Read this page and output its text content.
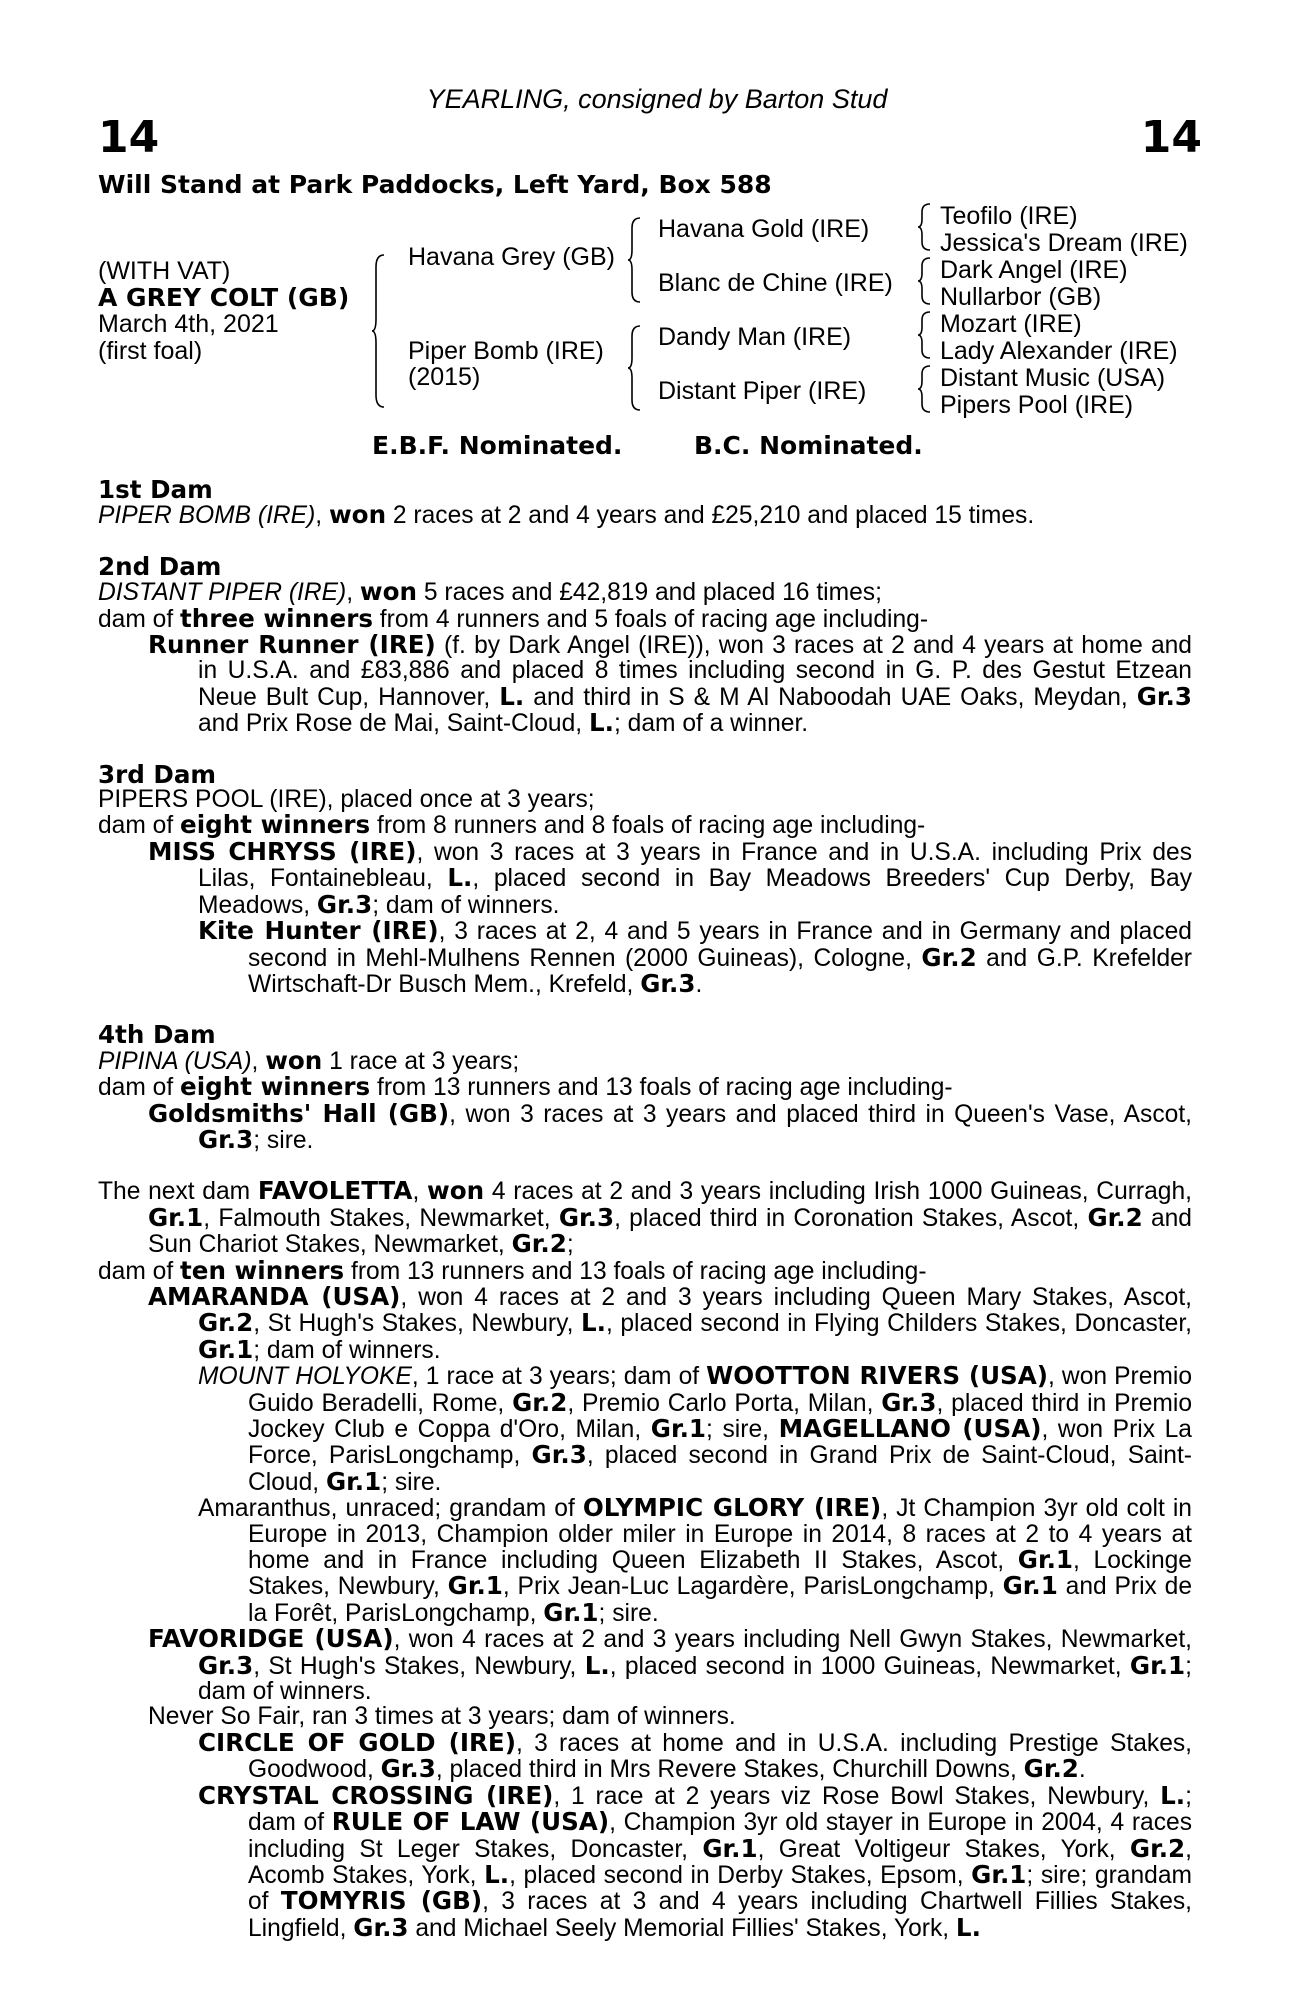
YEARLING, consigned by Barton Stud
14	14
Will Stand at Park Paddocks, Left Yard, Box 588
(WITH VAT)
A GREY COLT (GB)
March 4th, 2021
(first foal)
Havana Grey (GB)
Piper Bomb (IRE)
(2015)
Havana Gold (IRE)
Blanc de Chine (IRE)
Dandy Man (IRE)
Distant Piper (IRE)
Teofilo (IRE)
Jessica's Dream (IRE)
Dark Angel (IRE)
Nullarbor (GB)
Mozart (IRE)
Lady Alexander (IRE)
Distant Music (USA)
Pipers Pool (IRE)
E.B.F. Nominated.	B.C. Nominated.

1st Dam

PIPER BOMB (IRE), won 2 races at 2 and 4 years and £25,210 and placed 15 times.

2nd Dam

DISTANT PIPER (IRE), won 5 races and £42,819 and placed 16 times;

dam of three winners from 4 runners and 5 foals of racing age including-

Runner Runner (IRE) (f. by Dark Angel (IRE)), won 3 races at 2 and 4 years at home and in U.S.A. and £83,886 and placed 8 times including second in G. P. des Gestut Etzean Neue Bult Cup, Hannover, L. and third in S & M Al Naboodah UAE Oaks, Meydan, Gr.3 and Prix Rose de Mai, Saint-Cloud, L.; dam of a winner.

3rd Dam

PIPERS POOL (IRE), placed once at 3 years;

dam of eight winners from 8 runners and 8 foals of racing age including-

MISS CHRYSS (IRE), won 3 races at 3 years in France and in U.S.A. including Prix des Lilas, Fontainebleau, L., placed second in Bay Meadows Breeders' Cup Derby, Bay Meadows, Gr.3; dam of winners.

Kite Hunter (IRE), 3 races at 2, 4 and 5 years in France and in Germany and placed second in Mehl-Mulhens Rennen (2000 Guineas), Cologne, Gr.2 and G.P. Krefelder Wirtschaft-Dr Busch Mem., Krefeld, Gr.3.

4th Dam

PIPINA (USA), won 1 race at 3 years;

dam of eight winners from 13 runners and 13 foals of racing age including-

Goldsmiths' Hall (GB), won 3 races at 3 years and placed third in Queen's Vase, Ascot, Gr.3; sire.

The next dam FAVOLETTA, won 4 races at 2 and 3 years including Irish 1000 Guineas, Curragh, Gr.1, Falmouth Stakes, Newmarket, Gr.3, placed third in Coronation Stakes, Ascot, Gr.2 and Sun Chariot Stakes, Newmarket, Gr.2;

dam of ten winners from 13 runners and 13 foals of racing age including-

AMARANDA (USA), won 4 races at 2 and 3 years including Queen Mary Stakes, Ascot, Gr.2, St Hugh's Stakes, Newbury, L., placed second in Flying Childers Stakes, Doncaster, Gr.1; dam of winners.

MOUNT HOLYOKE, 1 race at 3 years; dam of WOOTTON RIVERS (USA), won Premio Guido Beradelli, Rome, Gr.2, Premio Carlo Porta, Milan, Gr.3, placed third in Premio Jockey Club e Coppa d'Oro, Milan, Gr.1; sire, MAGELLANO (USA), won Prix La Force, ParisLongchamp, Gr.3, placed second in Grand Prix de Saint-Cloud, Saint-Cloud, Gr.1; sire.

Amaranthus, unraced; grandam of OLYMPIC GLORY (IRE), Jt Champion 3yr old colt in Europe in 2013, Champion older miler in Europe in 2014, 8 races at 2 to 4 years at home and in France including Queen Elizabeth II Stakes, Ascot, Gr.1, Lockinge Stakes, Newbury, Gr.1, Prix Jean-Luc Lagardère, ParisLongchamp, Gr.1 and Prix de la Forêt, ParisLongchamp, Gr.1; sire.

FAVORIDGE (USA), won 4 races at 2 and 3 years including Nell Gwyn Stakes, Newmarket, Gr.3, St Hugh's Stakes, Newbury, L., placed second in 1000 Guineas, Newmarket, Gr.1; dam of winners.

Never So Fair, ran 3 times at 3 years; dam of winners.

CIRCLE OF GOLD (IRE), 3 races at home and in U.S.A. including Prestige Stakes, Goodwood, Gr.3, placed third in Mrs Revere Stakes, Churchill Downs, Gr.2.

CRYSTAL CROSSING (IRE), 1 race at 2 years viz Rose Bowl Stakes, Newbury, L.; dam of RULE OF LAW (USA), Champion 3yr old stayer in Europe in 2004, 4 races including St Leger Stakes, Doncaster, Gr.1, Great Voltigeur Stakes, York, Gr.2, Acomb Stakes, York, L., placed second in Derby Stakes, Epsom, Gr.1; sire; grandam of TOMYRIS (GB), 3 races at 3 and 4 years including Chartwell Fillies Stakes, Lingfield, Gr.3 and Michael Seely Memorial Fillies' Stakes, York, L.
